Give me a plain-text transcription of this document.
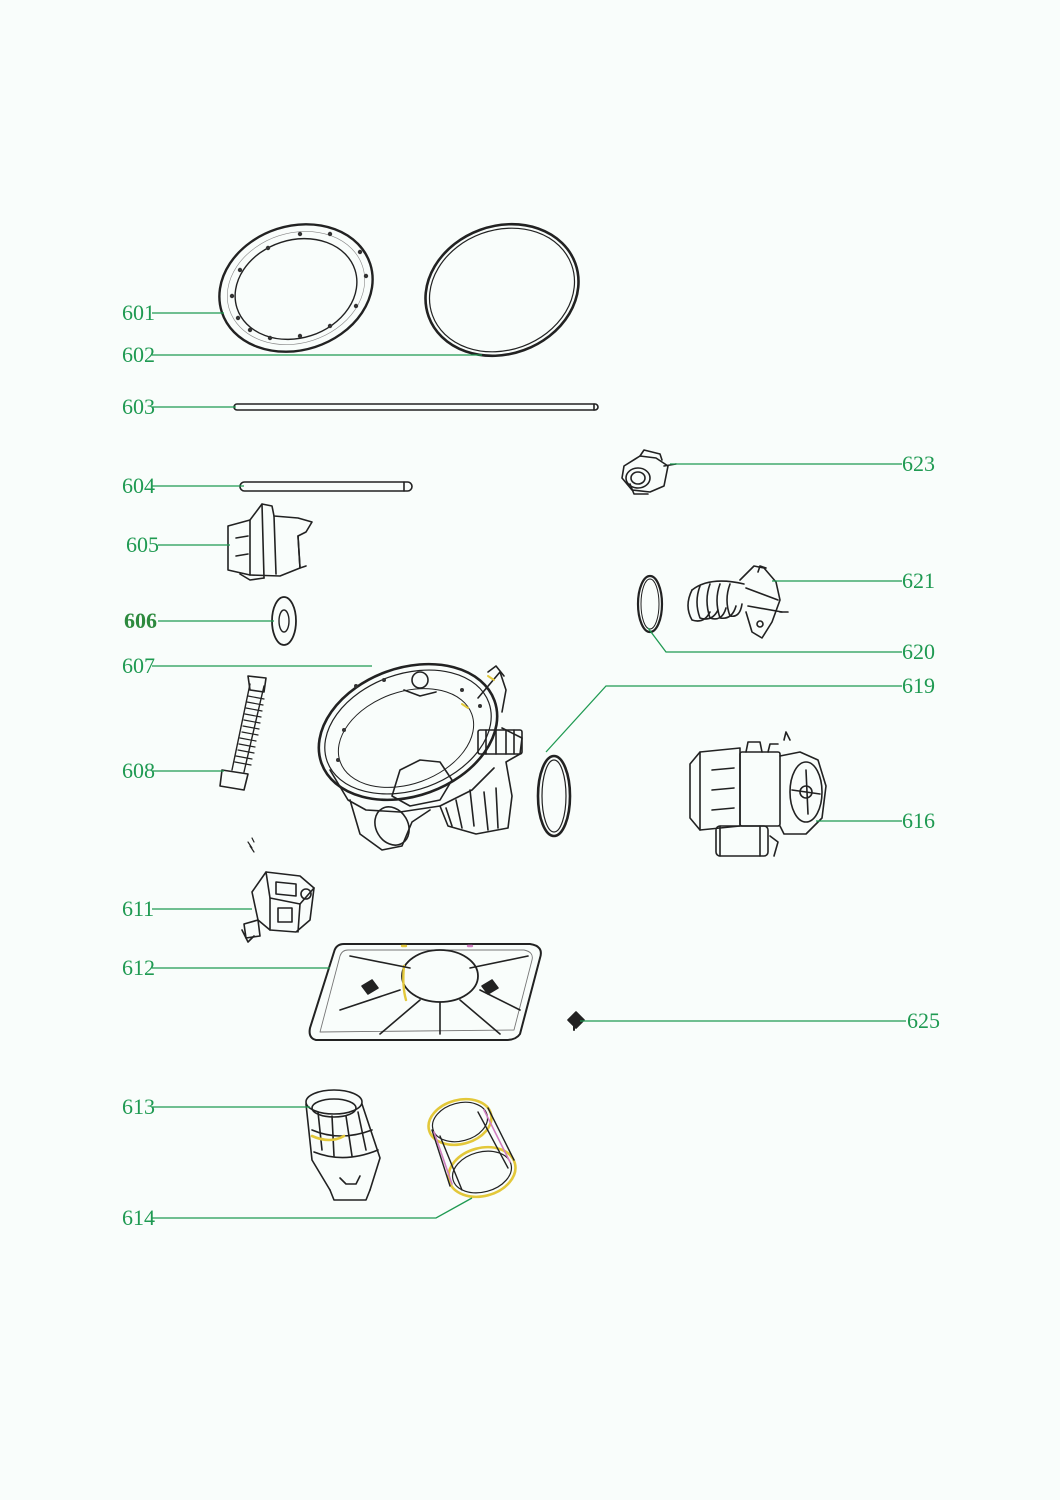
601
602
603
604
605
606
607
608
611
612
613
614
616
619
620
621
623
625
